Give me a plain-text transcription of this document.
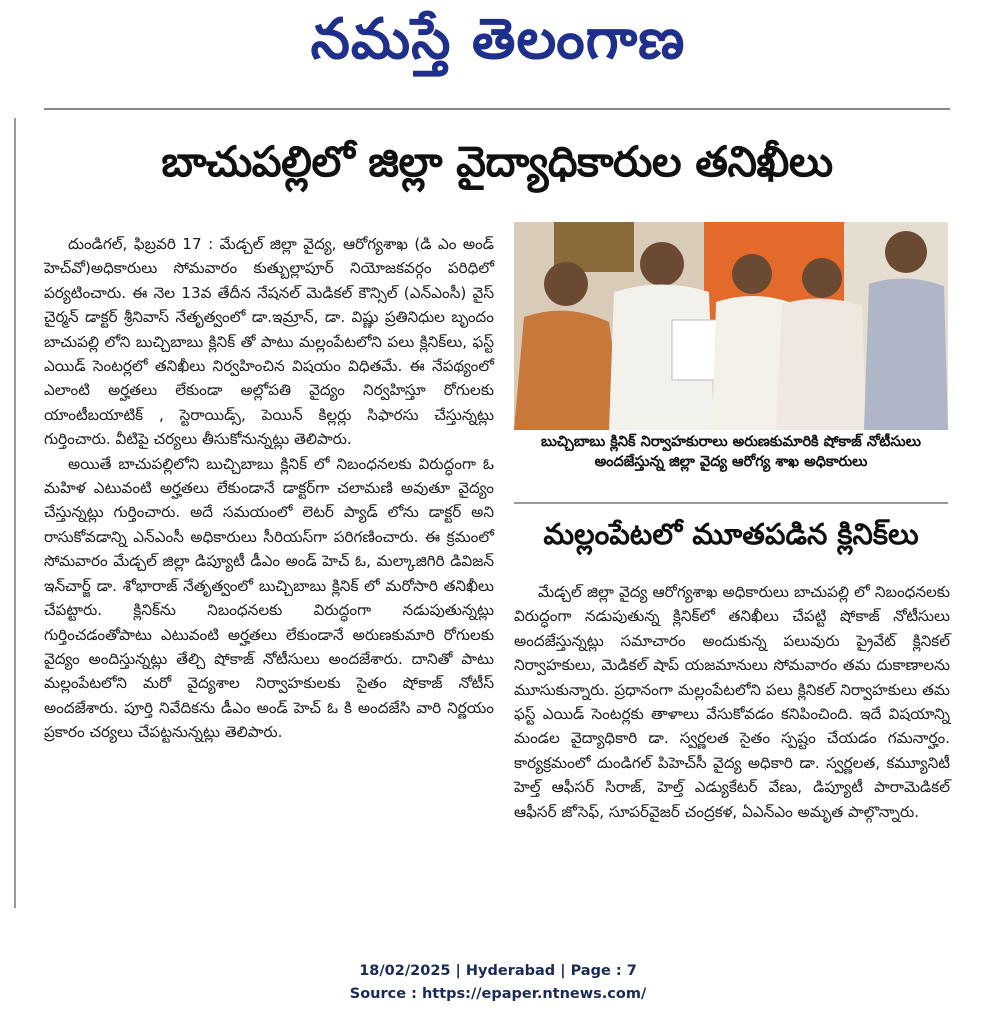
నమస్తే తెలంగాణ
బాచుపల్లిలో జిల్లా వైద్యాధికారుల తనిఖీలు

దుండిగల్, ఫిబ్రవరి 17 : మేడ్చల్ జిల్లా వైద్య, ఆరోగ్యశాఖ (డి ఎం అండ్ హెచ్‌వో)అధికారులు సోమవారం కుత్బుల్లాపూర్ నియోజకవర్గం పరిధిలో పర్యటించారు. ఈ నెల 13వ తేదీన నేషనల్ మెడికల్ కౌన్సిల్ (ఎన్ఎంసీ) వైస్ చైర్మన్ డాక్టర్ శ్రీనివాస్ నేతృత్వంలో డా.ఇమ్రాన్, డా. విష్ణు ప్రతినిధుల బృందం బాచుపల్లి లోని బుచ్చిబాబు క్లినిక్ తో పాటు మల్లంపేటలోని పలు క్లినిక్‌లు, ఫస్ట్ ఎయిడ్ సెంటర్లలో తనిఖీలు నిర్వహించిన విషయం విధితమే. ఈ నేపథ్యంలో ఎలాంటి అర్హతలు లేకుండా అల్లోపతి వైద్యం నిర్వహిస్తూ రోగులకు యాంటీబయాటిక్ , స్టెరాయిడ్స్, పెయిన్ కిల్లర్లు సిఫారసు చేస్తున్నట్లు గుర్తించారు. వీటిపై చర్యలు తీసుకోనున్నట్లు తెలిపారు.

అయితే బాచుపల్లిలోని బుచ్చిబాబు క్లినిక్ లో నిబంధనలకు విరుద్ధంగా ఓ మహిళ ఎటువంటి అర్హతలు లేకుండానే డాక్టర్‌గా చలామణి అవుతూ వైద్యం చేస్తున్నట్లు గుర్తించారు. అదే సమయంలో లెటర్ ప్యాడ్ లోను డాక్టర్ అని రాసుకోవడాన్ని ఎన్ఎంసీ అధికారులు సీరియస్‌గా పరిగణించారు. ఈ క్రమంలో సోమవారం మేడ్చల్ జిల్లా డిప్యూటీ డీఎం అండ్ హెచ్ ఓ, మల్కాజిగిరి డివిజన్ ఇన్‌చార్జ్ డా. శోభారాజ్ నేతృత్వంలో బుచ్చిబాబు క్లినిక్ లో మరోసారి తనిఖీలు చేపట్టారు. క్లినిక్‌ను నిబంధనలకు విరుద్ధంగా నడుపుతున్నట్లు గుర్తించడంతోపాటు ఎటువంటి అర్హతలు లేకుండానే అరుణకుమారి రోగులకు వైద్యం అందిస్తున్నట్లు తేల్చి షోకాజ్ నోటీసులు అందజేశారు. దానితో పాటు మల్లంపేటలోని మరో వైద్యశాల నిర్వాహకులకు సైతం షోకాజ్ నోటీస్ అందజేశారు. పూర్తి నివేదికను డీఎం అండ్ హెచ్ ఓ కి అందజేసి వారి నిర్ణయం ప్రకారం చర్యలు చేపట్టనున్నట్లు తెలిపారు.

బుచ్చిబాబు క్లినిక్ నిర్వాహకురాలు అరుణకుమారికి షోకాజ్ నోటీసులు అందజేస్తున్న జిల్లా వైద్య ఆరోగ్య శాఖ అధికారులు
మల్లంపేటలో మూతపడిన క్లినిక్‌లు

మేడ్చల్ జిల్లా వైద్య ఆరోగ్యశాఖ అధికారులు బాచుపల్లి లో నిబంధనలకు విరుద్ధంగా నడుపుతున్న క్లినిక్‌లో తనిఖీలు చేపట్టి షోకాజ్ నోటీసులు అందజేస్తున్నట్లు సమాచారం అందుకున్న పలువురు ప్రైవేట్ క్లినికల్ నిర్వాహకులు, మెడికల్ షాప్ యజమానులు సోమవారం తమ దుకాణాలను మూసుకున్నారు. ప్రధానంగా మల్లంపేటలోని పలు క్లినికల్ నిర్వాహకులు తమ ఫస్ట్ ఎయిడ్ సెంటర్లకు తాళాలు వేసుకోవడం కనిపించింది. ఇదే విషయాన్ని మండల వైద్యాధికారి డా. స్వర్ణలత సైతం స్పష్టం చేయడం గమనార్హం. కార్యక్రమంలో దుండిగల్ పిహెచ్‌సీ వైద్య అధికారి డా. స్వర్ణలత, కమ్యూనిటీ హెల్త్ ఆఫీసర్ సిరాజ్, హెల్త్ ఎడ్యుకేటర్ వేణు, డిప్యూటీ పారామెడికల్ ఆఫీసర్ జోసెఫ్, సూపర్‌వైజర్ చంద్రకళ, ఏఎన్ఎం అమృత పాల్గొన్నారు.

18/02/2025 | Hyderabad | Page : 7
Source : https://epaper.ntnews.com/
